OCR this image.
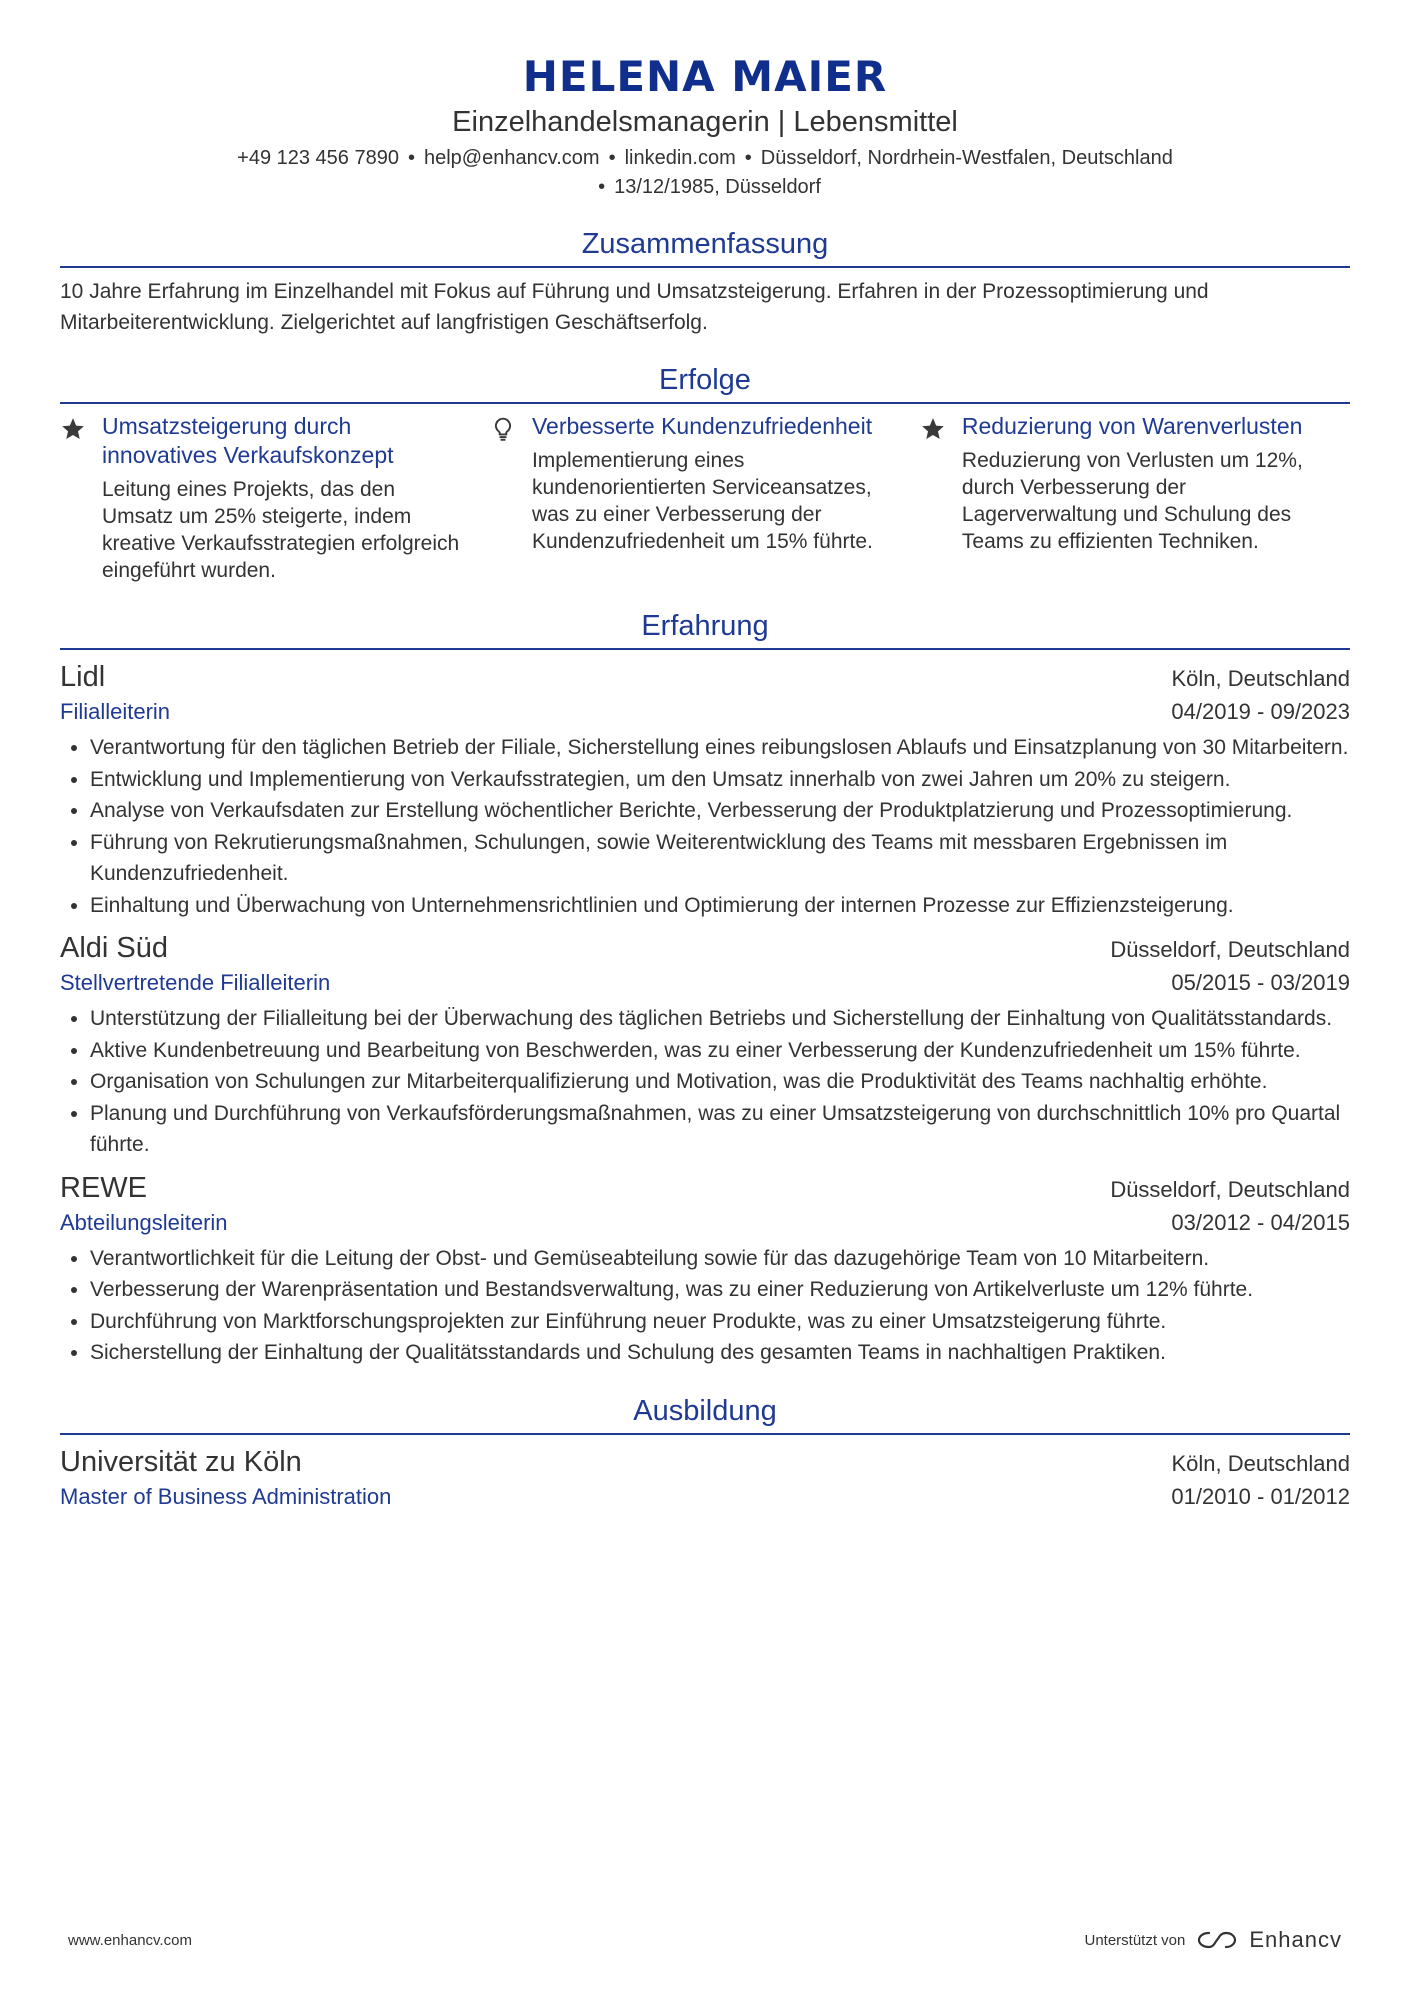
HELENA MAIER
Einzelhandelsmanagerin | Lebensmittel
+49 123 456 7890 • help@enhancv.com • linkedin.com • Düsseldorf, Nordrhein-Westfalen, Deutschland
• 13/12/1985, Düsseldorf
Zusammenfassung
10 Jahre Erfahrung im Einzelhandel mit Fokus auf Führung und Umsatzsteigerung. Erfahren in der Prozessoptimierung und Mitarbeiterentwicklung. Zielgerichtet auf langfristigen Geschäftserfolg.
Erfolge
Umsatzsteigerung durch innovatives Verkaufskonzept
Leitung eines Projekts, das den Umsatz um 25% steigerte, indem kreative Verkaufsstrategien erfolgreich eingeführt wurden.
Verbesserte Kundenzufriedenheit
Implementierung eines kundenorientierten Serviceansatzes, was zu einer Verbesserung der Kundenzufriedenheit um 15% führte.
Reduzierung von Warenverlusten
Reduzierung von Verlusten um 12%, durch Verbesserung der Lagerverwaltung und Schulung des Teams zu effizienten Techniken.
Erfahrung
Lidl	Köln, Deutschland
Filialleiterin	04/2019 - 09/2023
• Verantwortung für den täglichen Betrieb der Filiale, Sicherstellung eines reibungslosen Ablaufs und Einsatzplanung von 30 Mitarbeitern.
• Entwicklung und Implementierung von Verkaufsstrategien, um den Umsatz innerhalb von zwei Jahren um 20% zu steigern.
• Analyse von Verkaufsdaten zur Erstellung wöchentlicher Berichte, Verbesserung der Produktplatzierung und Prozessoptimierung.
• Führung von Rekrutierungsmaßnahmen, Schulungen, sowie Weiterentwicklung des Teams mit messbaren Ergebnissen im Kundenzufriedenheit.
• Einhaltung und Überwachung von Unternehmensrichtlinien und Optimierung der internen Prozesse zur Effizienzsteigerung.
Aldi Süd	Düsseldorf, Deutschland
Stellvertretende Filialleiterin	05/2015 - 03/2019
• Unterstützung der Filialleitung bei der Überwachung des täglichen Betriebs und Sicherstellung der Einhaltung von Qualitätsstandards.
• Aktive Kundenbetreuung und Bearbeitung von Beschwerden, was zu einer Verbesserung der Kundenzufriedenheit um 15% führte.
• Organisation von Schulungen zur Mitarbeiterqualifizierung und Motivation, was die Produktivität des Teams nachhaltig erhöhte.
• Planung und Durchführung von Verkaufsförderungsmaßnahmen, was zu einer Umsatzsteigerung von durchschnittlich 10% pro Quartal führte.
REWE	Düsseldorf, Deutschland
Abteilungsleiterin	03/2012 - 04/2015
• Verantwortlichkeit für die Leitung der Obst- und Gemüseabteilung sowie für das dazugehörige Team von 10 Mitarbeitern.
• Verbesserung der Warenpräsentation und Bestandsverwaltung, was zu einer Reduzierung von Artikelverluste um 12% führte.
• Durchführung von Marktforschungsprojekten zur Einführung neuer Produkte, was zu einer Umsatzsteigerung führte.
• Sicherstellung der Einhaltung der Qualitätsstandards und Schulung des gesamten Teams in nachhaltigen Praktiken.
Ausbildung
Universität zu Köln	Köln, Deutschland
Master of Business Administration	01/2010 - 01/2012
www.enhancv.com	Unterstützt von	Enhancv
